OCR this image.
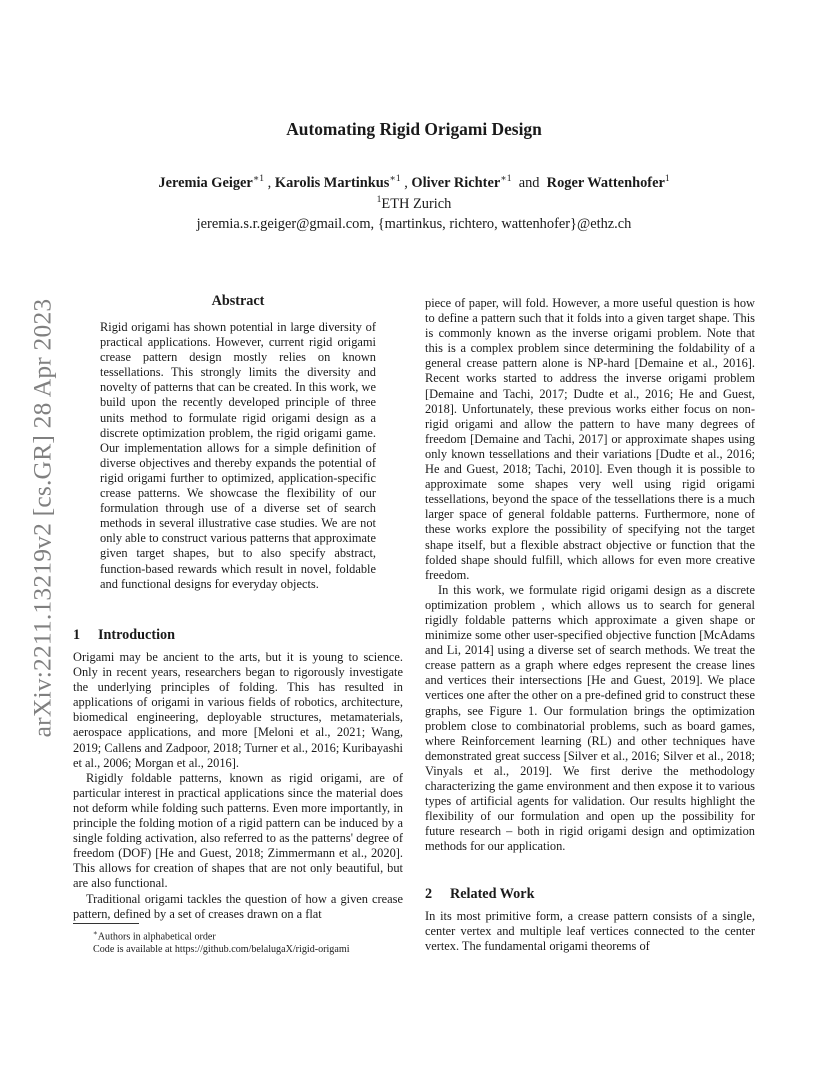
arXiv:2211.13219v2 [cs.GR] 28 Apr 2023
Automating Rigid Origami Design
Jeremia Geiger$^{∗1}$ , Karolis Martinkus$^{∗1}$ , Oliver Richter$^{∗1}$ and Roger Wattenhofer$^1$
$^1$ETH Zurich
jeremia.s.r.geiger@gmail.com, {martinkus, richtero, wattenhofer}@ethz.ch
Abstract

Rigid origami has shown potential in large diversity of practical applications. However, current rigid origami crease pattern design mostly relies on known tessellations. This strongly limits the diversity and novelty of patterns that can be created. In this work, we build upon the recently developed principle of three units method to formulate rigid origami design as a discrete optimization problem, the rigid origami game. Our implementation allows for a simple definition of diverse objectives and thereby expands the potential of rigid origami further to optimized, application-specific crease patterns. We showcase the flexibility of our formulation through use of a diverse set of search methods in several illustrative case studies. We are not only able to construct various patterns that approximate given target shapes, but to also specify abstract, function-based rewards which result in novel, foldable and functional designs for everyday objects.

1 Introduction

Origami may be ancient to the arts, but it is young to science. Only in recent years, researchers began to rigorously investigate the underlying principles of folding. This has resulted in applications of origami in various fields of robotics, architecture, biomedical engineering, deployable structures, metamaterials, aerospace applications, and more [Meloni et al., 2021; Wang, 2019; Callens and Zadpoor, 2018; Turner et al., 2016; Kuribayashi et al., 2006; Morgan et al., 2016].

Rigidly foldable patterns, known as rigid origami, are of particular interest in practical applications since the material does not deform while folding such patterns. Even more importantly, in principle the folding motion of a rigid pattern can be induced by a single folding activation, also referred to as the patterns' degree of freedom (DOF) [He and Guest, 2018; Zimmermann et al., 2020]. This allows for creation of shapes that are not only beautiful, but are also functional.

Traditional origami tackles the question of how a given crease pattern, defined by a set of creases drawn on a flat

∗Authors in alphabetical order
Code is available at https://github.com/belalugaX/rigid-origami

piece of paper, will fold. However, a more useful question is how to define a pattern such that it folds into a given target shape. This is commonly known as the inverse origami problem. Note that this is a complex problem since determining the foldability of a general crease pattern alone is NP-hard [Demaine et al., 2016]. Recent works started to address the inverse origami problem [Demaine and Tachi, 2017; Dudte et al., 2016; He and Guest, 2018]. Unfortunately, these previous works either focus on non-rigid origami and allow the pattern to have many degrees of freedom [Demaine and Tachi, 2017] or approximate shapes using only known tessellations and their variations [Dudte et al., 2016; He and Guest, 2018; Tachi, 2010]. Even though it is possible to approximate some shapes very well using rigid origami tessellations, beyond the space of the tessellations there is a much larger space of general foldable patterns. Furthermore, none of these works explore the possibility of specifying not the target shape itself, but a flexible abstract objective or function that the folded shape should fulfill, which allows for even more creative freedom.

In this work, we formulate rigid origami design as a discrete optimization problem , which allows us to search for general rigidly foldable patterns which approximate a given shape or minimize some other user-specified objective function [McAdams and Li, 2014] using a diverse set of search methods. We treat the crease pattern as a graph where edges represent the crease lines and vertices their intersections [He and Guest, 2019]. We place vertices one after the other on a pre-defined grid to construct these graphs, see Figure 1. Our formulation brings the optimization problem close to combinatorial problems, such as board games, where Reinforcement learning (RL) and other techniques have demonstrated great success [Silver et al., 2016; Silver et al., 2018; Vinyals et al., 2019]. We first derive the methodology characterizing the game environment and then expose it to various types of artificial agents for validation. Our results highlight the flexibility of our formulation and open up the possibility for future research – both in rigid origami design and optimization methods for our application.

2 Related Work

In its most primitive form, a crease pattern consists of a single, center vertex and multiple leaf vertices connected to the center vertex. The fundamental origami theorems of
